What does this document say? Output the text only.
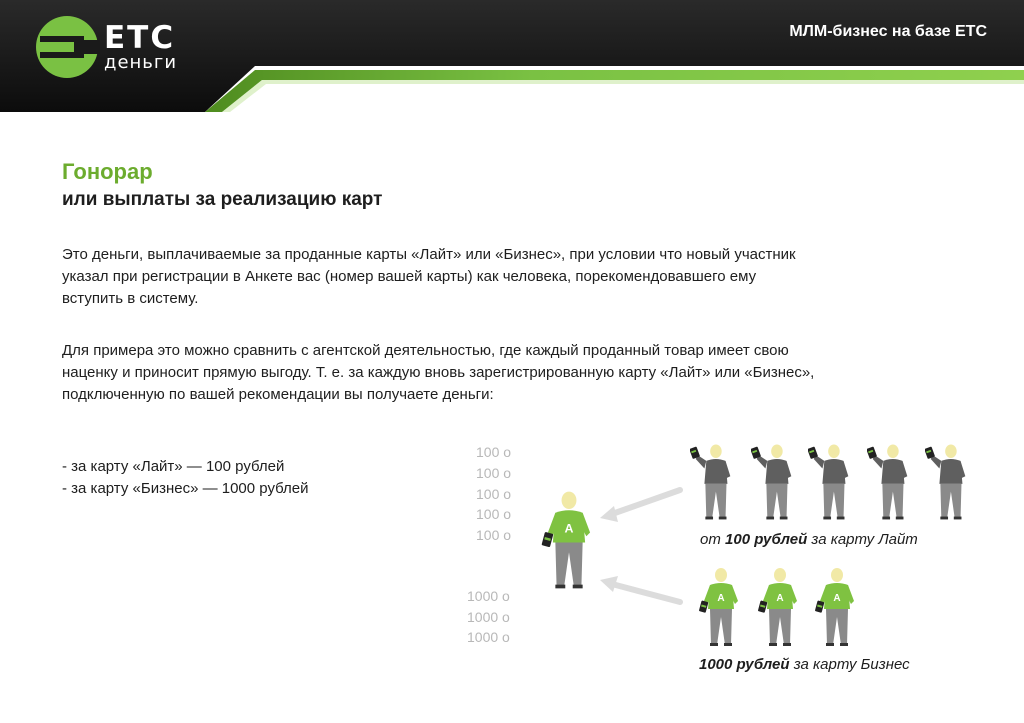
ETC
деньги
МЛМ-бизнес на базе ЕТС
Гонорар
или выплаты за реализацию карт
Это деньги, выплачиваемые за проданные карты «Лайт» или «Бизнес», при условии что новый участник
указал при регистрации в Анкете вас (номер вашей карты) как человека, порекомендовавшего ему
вступить в систему.
Для примера это можно сравнить с агентской деятельностью, где каждый проданный товар имеет свою
наценку и приносит прямую выгоду. Т. е. за каждую вновь зарегистрированную карту «Лайт» или «Бизнес»,
подключенную по вашей рекомендации вы получаете деньги:
- за карту «Лайт» — 100 рублей
- за карту «Бизнес» — 1000 рублей
100 о
100 о
100 о
100 о
100 о
1000 о
1000 о
1000 о
от 100 рублей за карту Лайт
1000 рублей за карту Бизнес
